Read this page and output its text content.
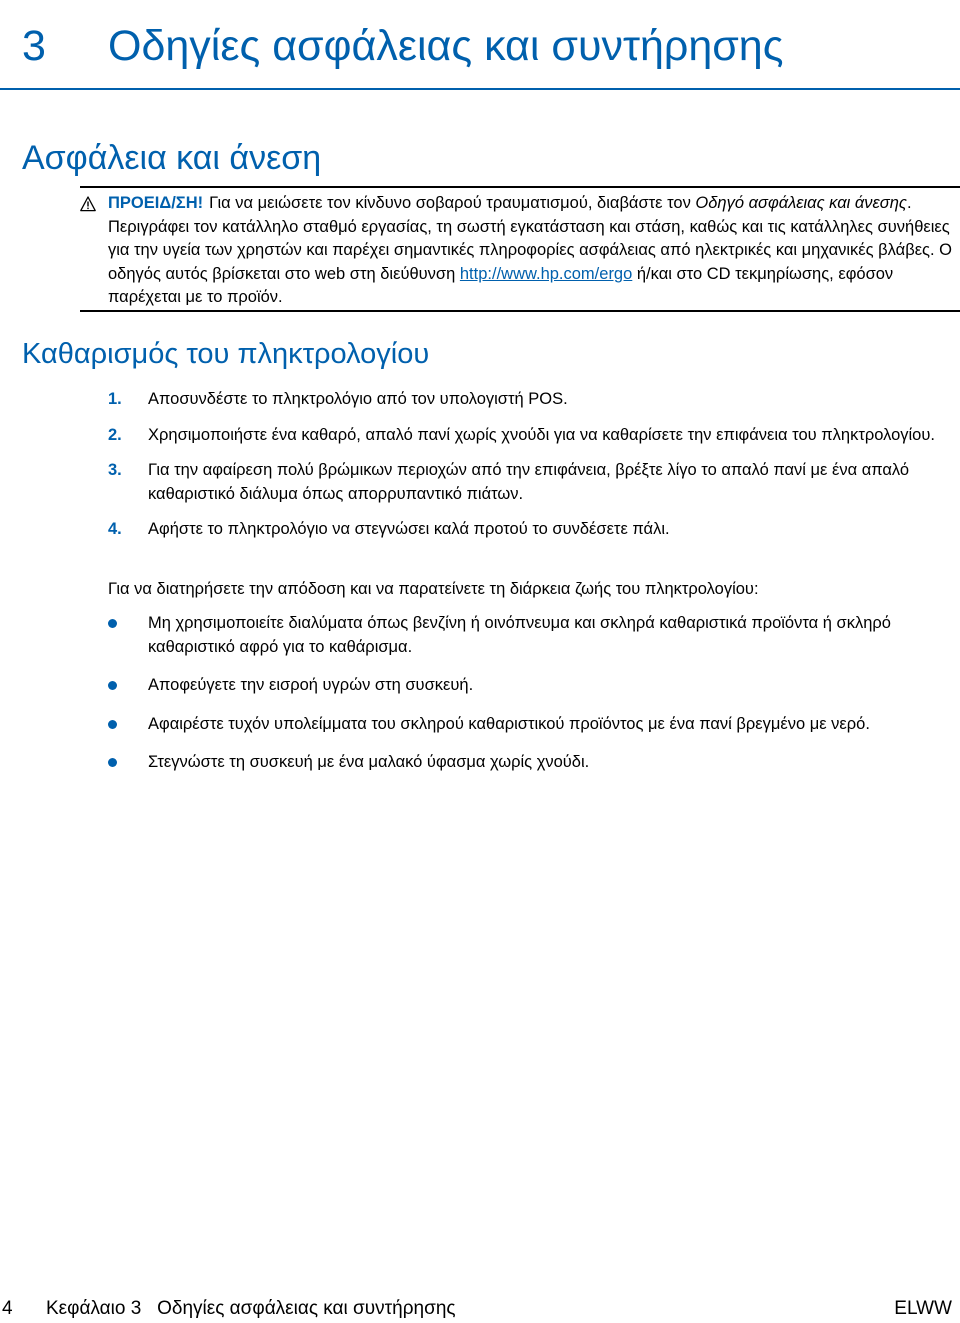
3 Οδηγίες ασφάλειας και συντήρησης
Ασφάλεια και άνεση
ΠΡΟΕΙΔ/ΣΗ! Για να μειώσετε τον κίνδυνο σοβαρού τραυματισμού, διαβάστε τον Οδηγό ασφάλειας και άνεσης. Περιγράφει τον κατάλληλο σταθμό εργασίας, τη σωστή εγκατάσταση και στάση, καθώς και τις κατάλληλες συνήθειες για την υγεία των χρηστών και παρέχει σημαντικές πληροφορίες ασφάλειας από ηλεκτρικές και μηχανικές βλάβες. Ο οδηγός αυτός βρίσκεται στο web στη διεύθυνση http://www.hp.com/ergo ή/και στο CD τεκμηρίωσης, εφόσον παρέχεται με το προϊόν.
Καθαρισμός του πληκτρολογίου
1. Αποσυνδέστε το πληκτρολόγιο από τον υπολογιστή POS.
2. Χρησιμοποιήστε ένα καθαρό, απαλό πανί χωρίς χνούδι για να καθαρίσετε την επιφάνεια του πληκτρολογίου.
3. Για την αφαίρεση πολύ βρώμικων περιοχών από την επιφάνεια, βρέξτε λίγο το απαλό πανί με ένα απαλό καθαριστικό διάλυμα όπως απορρυπαντικό πιάτων.
4. Αφήστε το πληκτρολόγιο να στεγνώσει καλά προτού το συνδέσετε πάλι.
Για να διατηρήσετε την απόδοση και να παρατείνετε τη διάρκεια ζωής του πληκτρολογίου:
Μη χρησιμοποιείτε διαλύματα όπως βενζίνη ή οινόπνευμα και σκληρά καθαριστικά προϊόντα ή σκληρό καθαριστικό αφρό για το καθάρισμα.
Αποφεύγετε την εισροή υγρών στη συσκευή.
Αφαιρέστε τυχόν υπολείμματα του σκληρού καθαριστικού προϊόντος με ένα πανί βρεγμένο με νερό.
Στεγνώστε τη συσκευή με ένα μαλακό ύφασμα χωρίς χνούδι.
4 Κεφάλαιο 3   Οδηγίες ασφάλειας και συντήρησης	ELWW
